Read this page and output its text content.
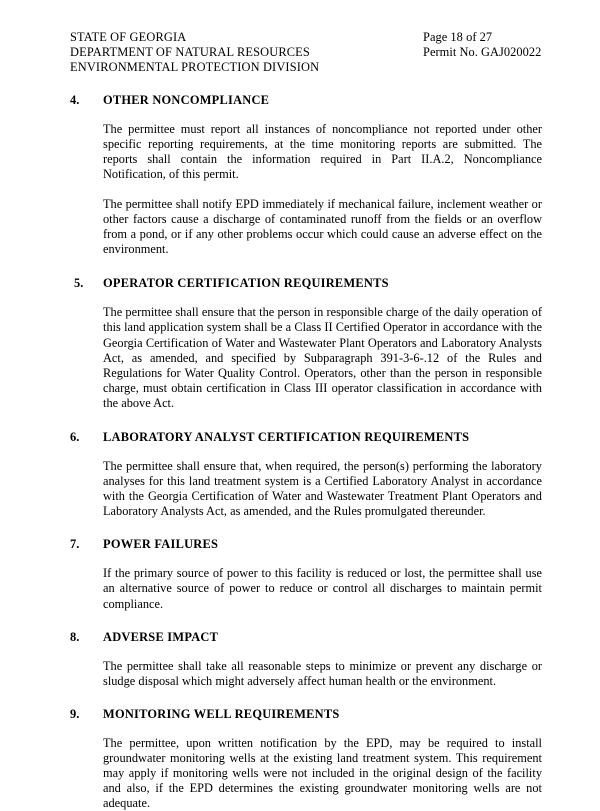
STATE OF GEORGIA
DEPARTMENT OF NATURAL RESOURCES
ENVIRONMENTAL PROTECTION DIVISION
Page 18 of 27
Permit No. GAJ020022
4.	OTHER NONCOMPLIANCE

The permittee must report all instances of noncompliance not reported under other specific reporting requirements, at the time monitoring reports are submitted. The reports shall contain the information required in Part II.A.2, Noncompliance Notification, of this permit.

The permittee shall notify EPD immediately if mechanical failure, inclement weather or other factors cause a discharge of contaminated runoff from the fields or an overflow from a pond, or if any other problems occur which could cause an adverse effect on the environment.

5.	OPERATOR CERTIFICATION REQUIREMENTS

The permittee shall ensure that the person in responsible charge of the daily operation of this land application system shall be a Class II Certified Operator in accordance with the Georgia Certification of Water and Wastewater Plant Operators and Laboratory Analysts Act, as amended, and specified by Subparagraph 391-3-6-.12 of the Rules and Regulations for Water Quality Control. Operators, other than the person in responsible charge, must obtain certification in Class III operator classification in accordance with the above Act.

6.	LABORATORY ANALYST CERTIFICATION REQUIREMENTS

The permittee shall ensure that, when required, the person(s) performing the laboratory analyses for this land treatment system is a Certified Laboratory Analyst in accordance with the Georgia Certification of Water and Wastewater Treatment Plant Operators and Laboratory Analysts Act, as amended, and the Rules promulgated thereunder.

7.	POWER FAILURES

If the primary source of power to this facility is reduced or lost, the permittee shall use an alternative source of power to reduce or control all discharges to maintain permit compliance.

8.	ADVERSE IMPACT

The permittee shall take all reasonable steps to minimize or prevent any discharge or sludge disposal which might adversely affect human health or the environment.

9.	MONITORING WELL REQUIREMENTS

The permittee, upon written notification by the EPD, may be required to install groundwater monitoring wells at the existing land treatment system. This requirement may apply if monitoring wells were not included in the original design of the facility and also, if the EPD determines the existing groundwater monitoring wells are not adequate.
